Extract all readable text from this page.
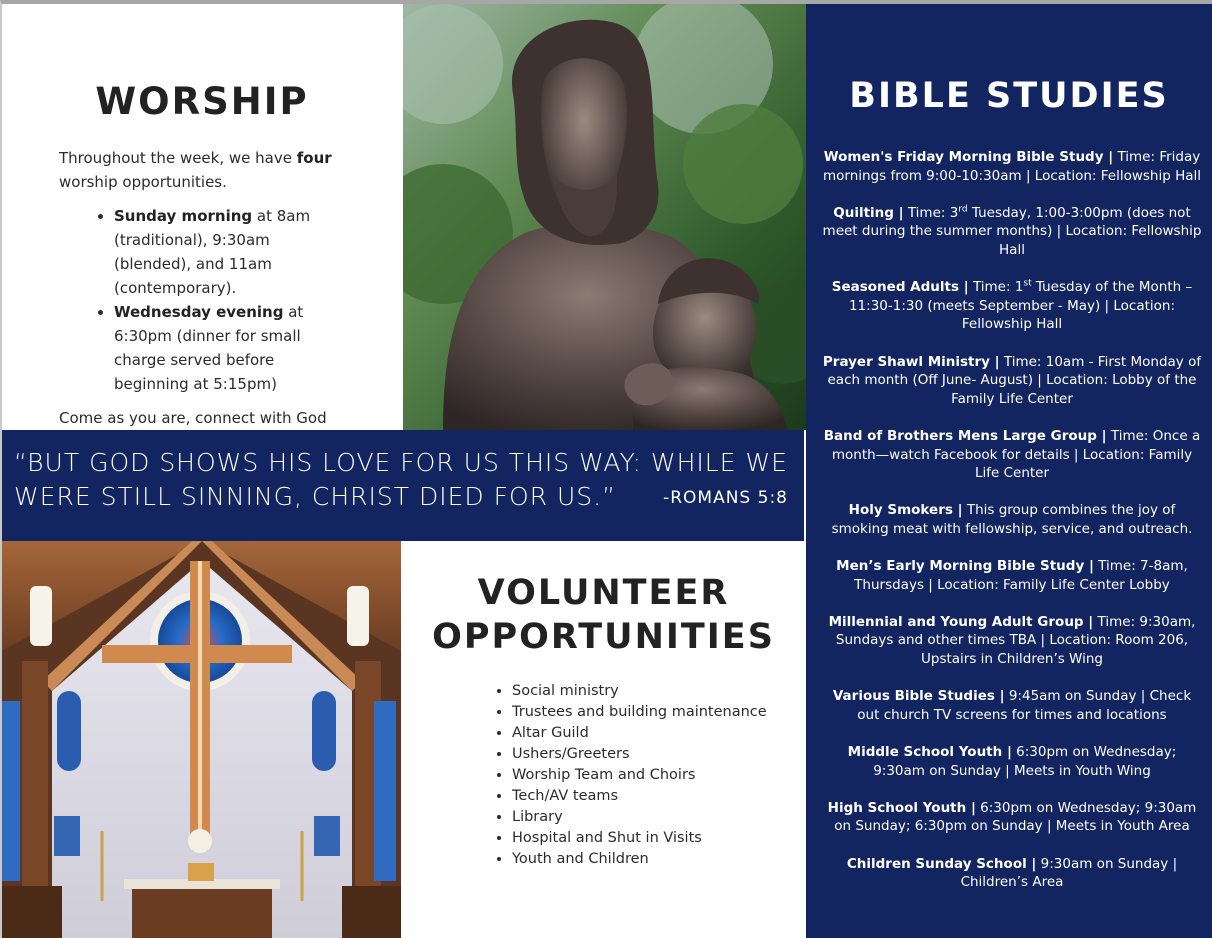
WORSHIP

Throughout the week, we have four worship opportunities.

• Sunday morning at 8am (traditional), 9:30am (blended), and 11am (contemporary).
• Wednesday evening at 6:30pm (dinner for small charge served before beginning at 5:15pm)

Come as you are, connect with God

“BUT GOD SHOWS HIS LOVE FOR US THIS WAY: WHILE WE WERE STILL SINNING, CHRIST DIED FOR US.”	-ROMANS 5:8
VOLUNTEER
OPPORTUNITIES
• Social ministry
• Trustees and building maintenance
• Altar Guild
• Ushers/Greeters
• Worship Team and Choirs
• Tech/AV teams
• Library
• Hospital and Shut in Visits
• Youth and Children
BIBLE STUDIES
Women's Friday Morning Bible Study | Time: Friday mornings from 9:00-10:30am | Location: Fellowship Hall
Quilting | Time: 3rd Tuesday, 1:00-3:00pm (does not meet during the summer months) | Location: Fellowship Hall
Seasoned Adults | Time: 1st Tuesday of the Month – 11:30-1:30 (meets September - May) | Location: Fellowship Hall
Prayer Shawl Ministry | Time: 10am - First Monday of each month (Off June- August) | Location: Lobby of the Family Life Center
Band of Brothers Mens Large Group | Time: Once a month—watch Facebook for details | Location: Family Life Center
Holy Smokers | This group combines the joy of smoking meat with fellowship, service, and outreach.
Men’s Early Morning Bible Study | Time: 7-8am, Thursdays | Location: Family Life Center Lobby
Millennial and Young Adult Group | Time: 9:30am, Sundays and other times TBA | Location: Room 206, Upstairs in Children’s Wing
Various Bible Studies | 9:45am on Sunday | Check out church TV screens for times and locations
Middle School Youth | 6:30pm on Wednesday; 9:30am on Sunday | Meets in Youth Wing
High School Youth | 6:30pm on Wednesday; 9:30am on Sunday; 6:30pm on Sunday | Meets in Youth Area
Children Sunday School | 9:30am on Sunday | Children’s Area
